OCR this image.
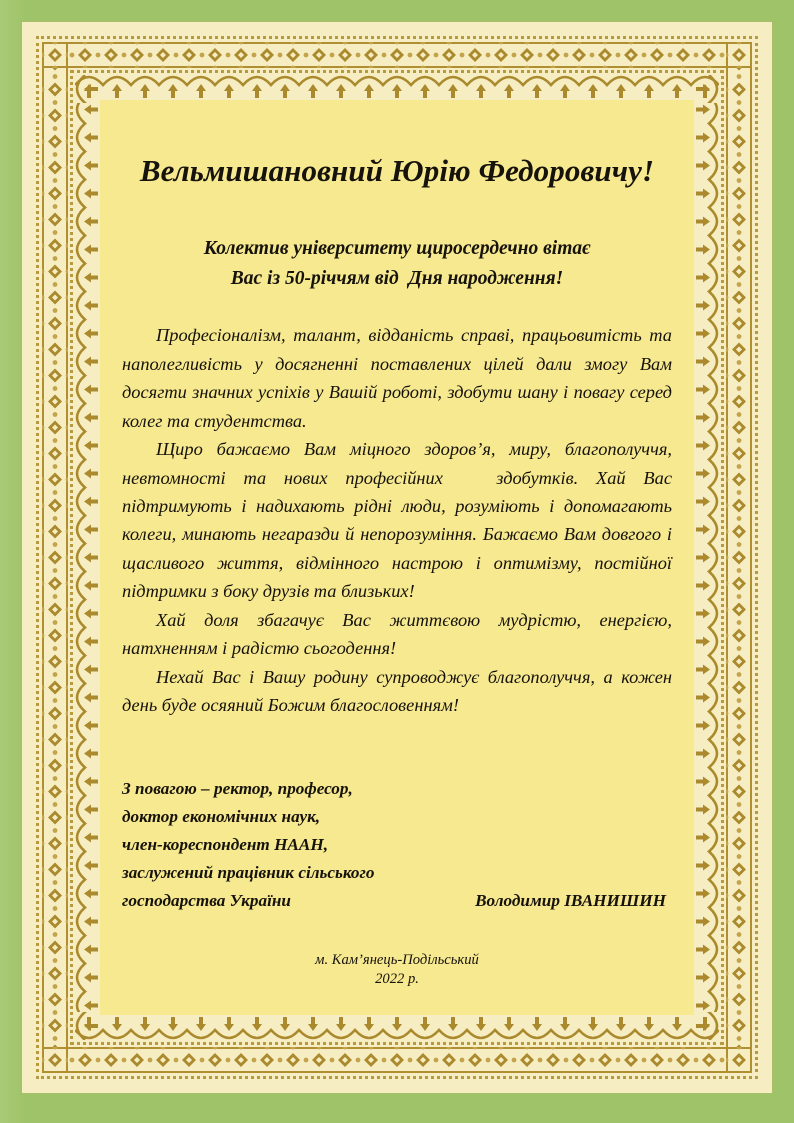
Вельмишановний Юрію Федоровичу!
Колектив університету щиросердечно вітає
Вас із 50-річчям від  Дня народження!

Професіоналізм, талант, відданість справі, працьовитість та наполегливість у досягненні поставлених цілей дали змогу Вам досягти значних успіхів у Вашій роботі, здобути шану і повагу серед колег та студентства.

Щиро бажаємо Вам міцного здоров’я, миру, благополуччя, невтомності та нових професійних   здобутків. Хай Вас підтримують і надихають рідні люди, розуміють і допомагають колеги, минають негаразди й непорозуміння. Бажаємо Вам довгого і щасливого життя, відмінного настрою і оптимізму, постійної підтримки з боку друзів та близьких!

Хай доля збагачує Вас життєвою мудрістю, енергією, натхненням і радістю сьогодення!

Нехай Вас і Вашу родину супроводжує благополуччя, а кожен день буде осяяний Божим благословенням!

З повагою – ректор, професор,
доктор економічних наук,
член-кореспондент НААН,
заслужений працівник сільського
господарства України	Володимир ІВАНИШИН
м. Кам’янець-Подільський
2022 р.
